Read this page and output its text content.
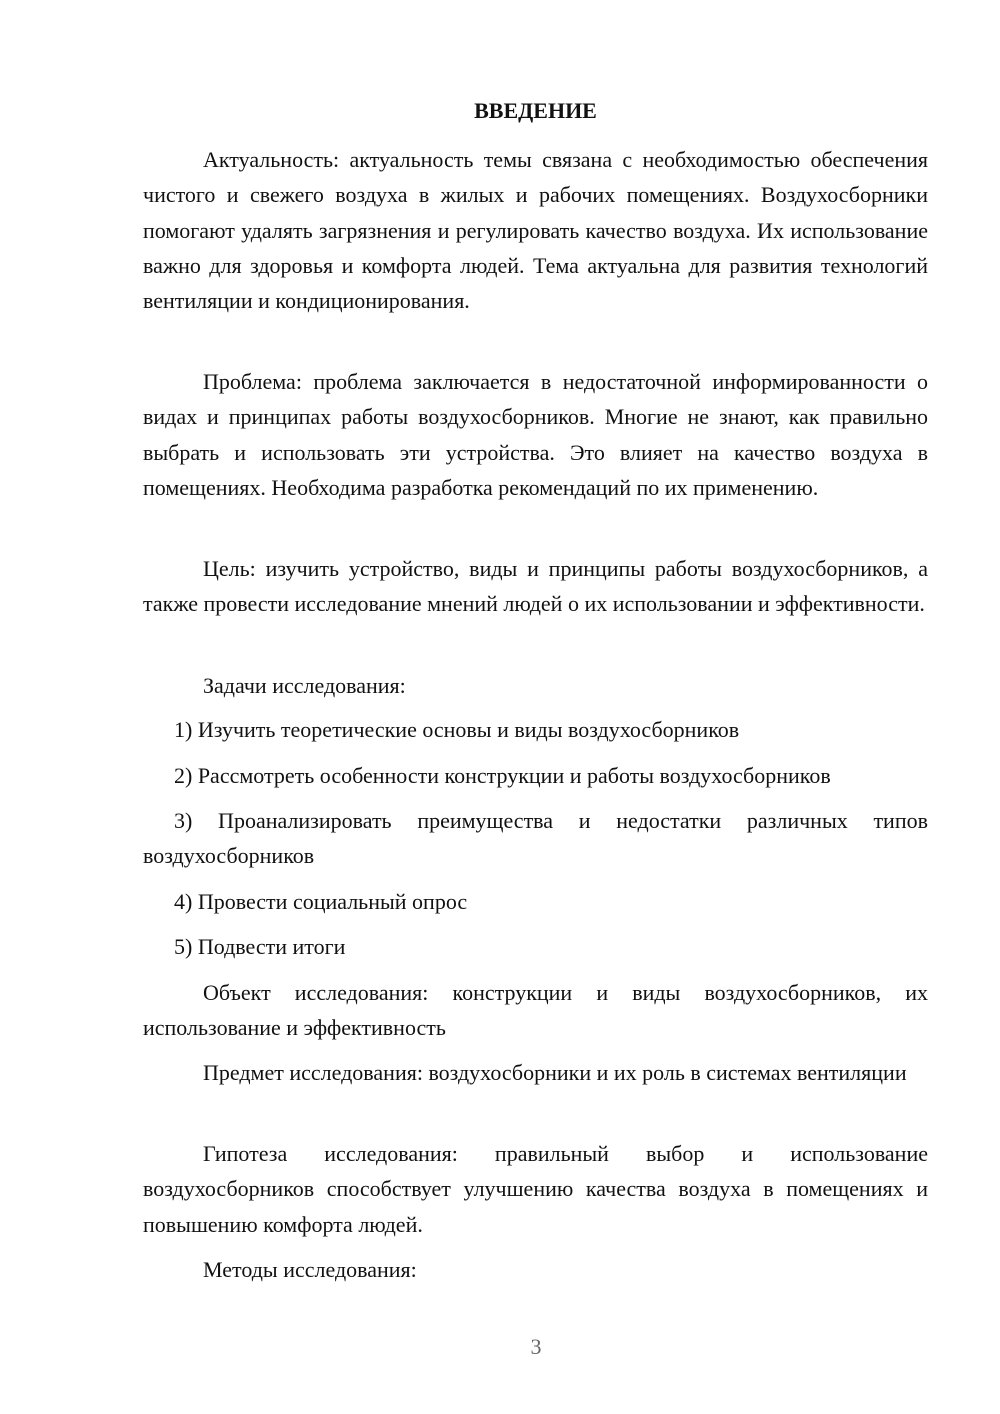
ВВЕДЕНИЕ

Актуальность: актуальность темы связана с необходимостью обеспечения чистого и свежего воздуха в жилых и рабочих помещениях. Воздухосборники помогают удалять загрязнения и регулировать качество воздуха. Их использование важно для здоровья и комфорта людей. Тема актуальна для развития технологий вентиляции и кондиционирования.

Проблема: проблема заключается в недостаточной информированности о видах и принципах работы воздухосборников. Многие не знают, как правильно выбрать и использовать эти устройства. Это влияет на качество воздуха в помещениях. Необходима разработка рекомендаций по их применению.

Цель: изучить устройство, виды и принципы работы воздухосборников, а также провести исследование мнений людей о их использовании и эффективности.

Задачи исследования:

1) Изучить теоретические основы и виды воздухосборников

2) Рассмотреть особенности конструкции и работы воздухосборников

3) Проанализировать преимущества и недостатки различных типов воздухосборников

4) Провести социальный опрос

5) Подвести итоги

Объект исследования: конструкции и виды воздухосборников, их использование и эффективность

Предмет исследования: воздухосборники и их роль в системах вентиляции

Гипотеза исследования: правильный выбор и использование воздухосборников способствует улучшению качества воздуха в помещениях и повышению комфорта людей.

Методы исследования:

3
